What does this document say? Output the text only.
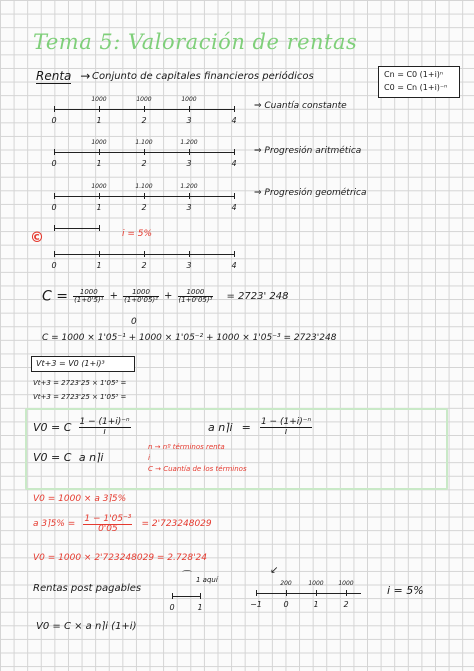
Tema 5: Valoración de rentas
Renta → Conjunto de capitales financieros periódicos	Cn = C0 (1+i)ⁿ
C0 = Cn (1+i)⁻ⁿ
1000	1000	1000
0	1	2	3	4
⇒ Cuantía constante
1000	1.100	1.200
0	1	2	3	4
⇒ Progresión aritmética
1000	1.100	1.200
0	1	2	3	4
⇒ Progresión geométrica
©	i = 5%
0	1	2	3	4
$C = \frac{1000}{\text{(1+0'5)¹}} + \frac{1000}{\text{(1+0'05)²}} + \frac{1000}{\text{(1+0'05)³}} = 2723'$ 248
0
C = 1000 × 1'05⁻¹ + 1000 × 1'05⁻² + 1000 × 1'05⁻³ = 2723'248
Vt+3 = V0 (1+i)³
Vt+3 = 2723'25 × 1'05³ =
Vt+3 = 2723'25 × 1'05³ =
V0 = C $\frac{\text{1 − (1+i)⁻ⁿ}}{i}$	a n⌉i = $\frac{\text{1 − (1+i)⁻ⁿ}}{i}$
V0 = C a n⌉i
n → nº términos renta
i
C → Cuantía de los términos
V0 = 1000 × a 3⌉5%
a 3⌉5% = $\frac{\text{1 − 1'05⁻³}}{0'05} = 2'723248029$
V0 = 1000 × 2'723248029 = 2.728'24
Rentas post pagables
1 aquí
⌒
0	1
200	1000 1000
−1	0	1	2
↙
i = 5%
V0 = C × a n⌉i (1+i)
